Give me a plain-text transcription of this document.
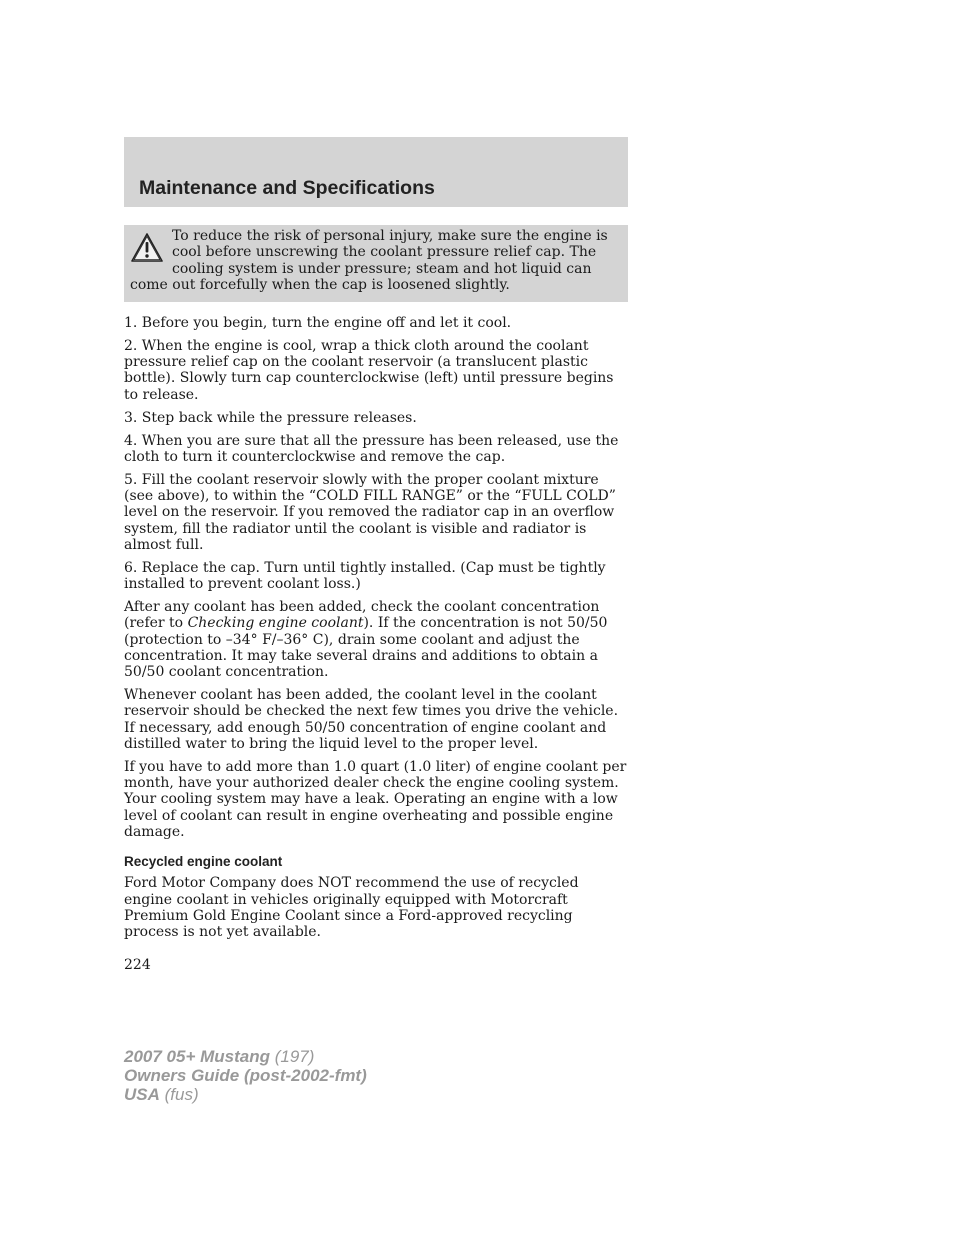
Maintenance and Specifications

To reduce the risk of personal injury, make sure the engine is cool before unscrewing the coolant pressure relief cap. The cooling system is under pressure; steam and hot liquid can come out forcefully when the cap is loosened slightly.

1. Before you begin, turn the engine off and let it cool.

2. When the engine is cool, wrap a thick cloth around the coolant pressure relief cap on the coolant reservoir (a translucent plastic bottle). Slowly turn cap counterclockwise (left) until pressure begins to release.

3. Step back while the pressure releases.

4. When you are sure that all the pressure has been released, use the cloth to turn it counterclockwise and remove the cap.

5. Fill the coolant reservoir slowly with the proper coolant mixture (see above), to within the “COLD FILL RANGE” or the “FULL COLD” level on the reservoir. If you removed the radiator cap in an overflow system, fill the radiator until the coolant is visible and radiator is almost full.

6. Replace the cap. Turn until tightly installed. (Cap must be tightly installed to prevent coolant loss.)

After any coolant has been added, check the coolant concentration (refer to Checking engine coolant). If the concentration is not 50/50 (protection to –34° F/–36° C), drain some coolant and adjust the concentration. It may take several drains and additions to obtain a 50/50 coolant concentration.

Whenever coolant has been added, the coolant level in the coolant reservoir should be checked the next few times you drive the vehicle. If necessary, add enough 50/50 concentration of engine coolant and distilled water to bring the liquid level to the proper level.

If you have to add more than 1.0 quart (1.0 liter) of engine coolant per month, have your authorized dealer check the engine cooling system. Your cooling system may have a leak. Operating an engine with a low level of coolant can result in engine overheating and possible engine damage.

Recycled engine coolant

Ford Motor Company does NOT recommend the use of recycled engine coolant in vehicles originally equipped with Motorcraft Premium Gold Engine Coolant since a Ford-approved recycling process is not yet available.

224

2007 05+ Mustang (197)
Owners Guide (post-2002-fmt)
USA (fus)
